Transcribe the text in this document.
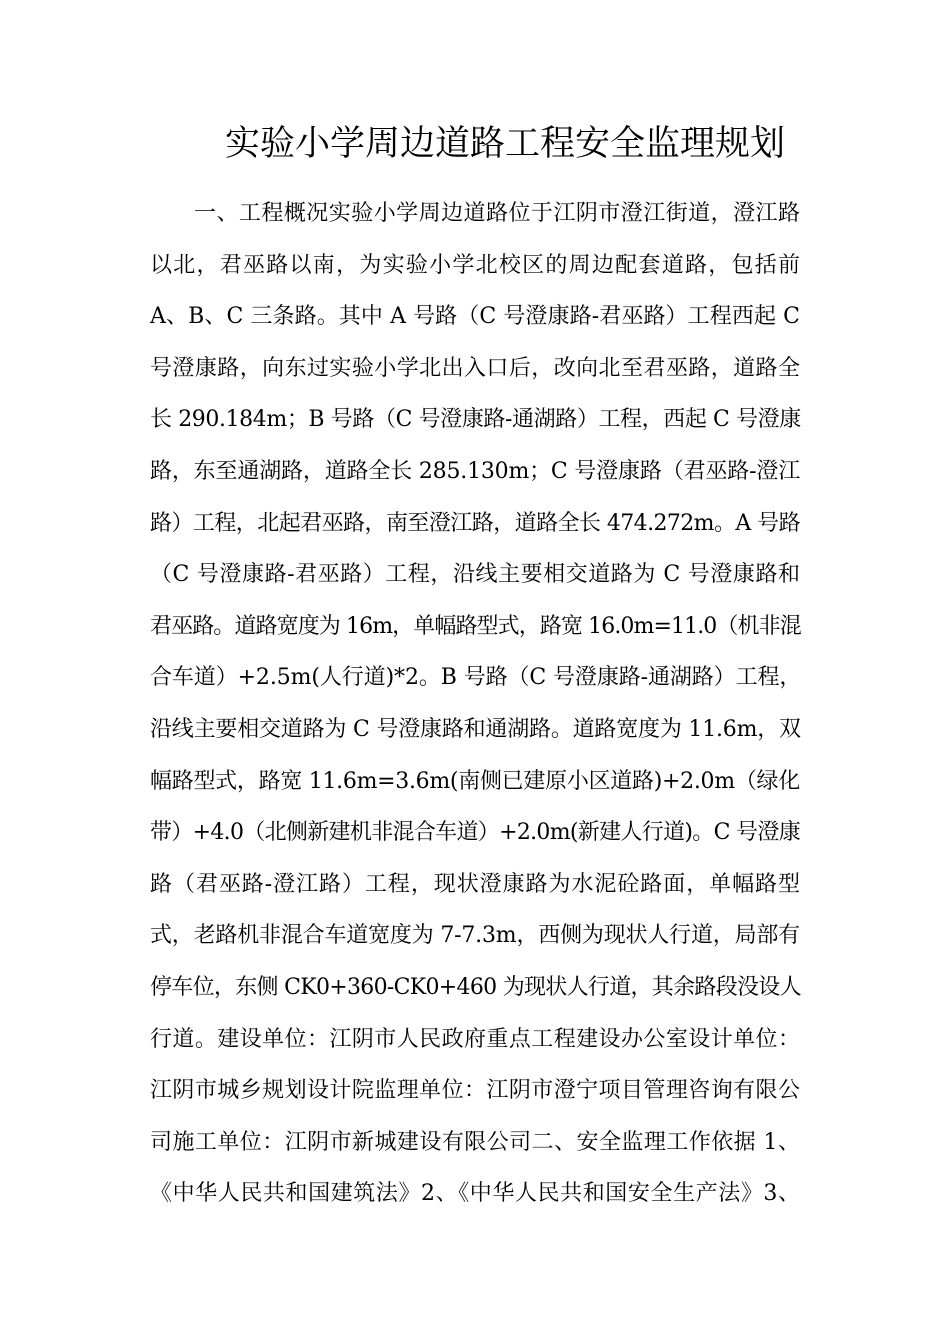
实验小学周边道路工程安全监理规划
一、工程概况实验小学周边道路位于江阴市澄江街道，澄江路
以北，君巫路以南，为实验小学北校区的周边配套道路，包括前
A、B、C 三条路。其中 A 号路（C 号澄康路-君巫路）工程西起 C
号澄康路，向东过实验小学北出入口后，改向北至君巫路，道路全
长 290.184m；B 号路（C 号澄康路-通湖路）工程，西起 C 号澄康
路，东至通湖路，道路全长 285.130m；C 号澄康路（君巫路-澄江
路）工程，北起君巫路，南至澄江路，道路全长 474.272m。A 号路
（C 号澄康路-君巫路）工程，沿线主要相交道路为 C 号澄康路和
君巫路。道路宽度为 16m，单幅路型式，路宽 16.0m=11.0（机非混
合车道）+2.5m(人行道)*2。B 号路（C 号澄康路-通湖路）工程，
沿线主要相交道路为 C 号澄康路和通湖路。道路宽度为 11.6m，双
幅路型式，路宽 11.6m=3.6m(南侧已建原小区道路)+2.0m（绿化
带）+4.0（北侧新建机非混合车道）+2.0m(新建人行道)。C 号澄康
路（君巫路-澄江路）工程，现状澄康路为水泥砼路面，单幅路型
式，老路机非混合车道宽度为 7-7.3m，西侧为现状人行道，局部有
停车位，东侧 CK0+360-CK0+460 为现状人行道，其余路段没设人
行道。建设单位：江阴市人民政府重点工程建设办公室设计单位：
江阴市城乡规划设计院监理单位：江阴市澄宁项目管理咨询有限公
司施工单位：江阴市新城建设有限公司二、安全监理工作依据 1、
《中华人民共和国建筑法》2、《中华人民共和国安全生产法》3、
